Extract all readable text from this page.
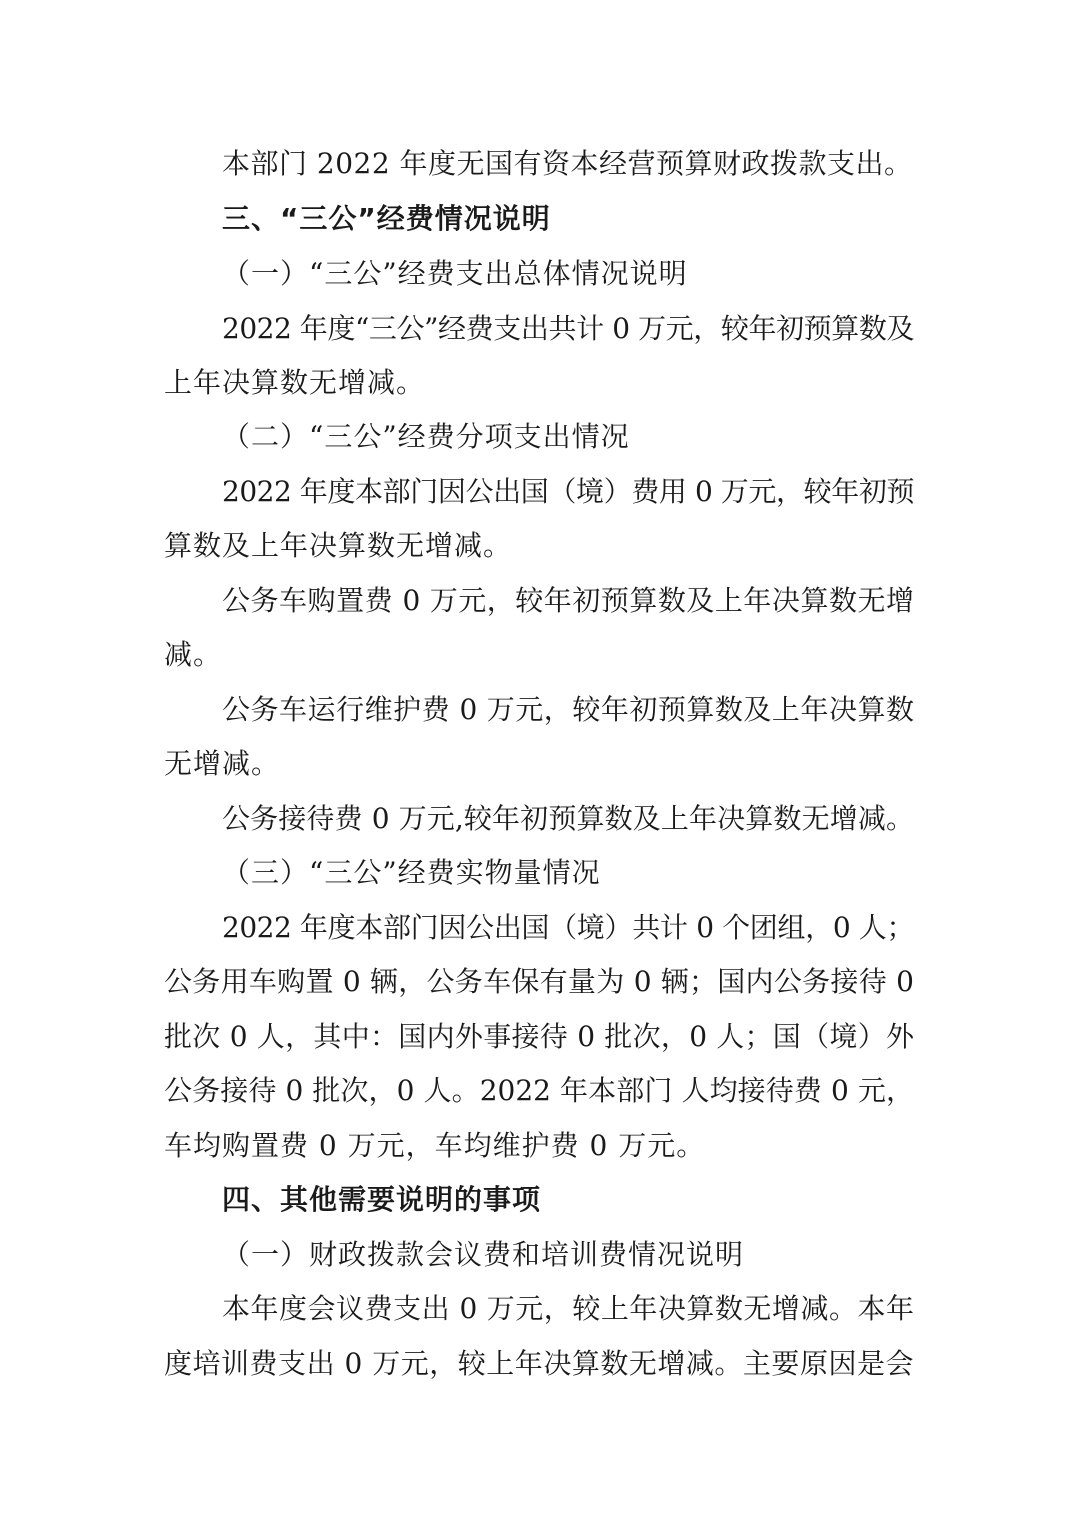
本部门 2022 年度无国有资本经营预算财政拨款支出。
三、“三公”经费情况说明
（一）“三公”经费支出总体情况说明
2022 年度“三公”经费支出共计 0 万元，较年初预算数及
上年决算数无增减。
（二）“三公”经费分项支出情况
2022 年度本部门因公出国（境）费用 0 万元，较年初预
算数及上年决算数无增减。
公务车购置费 0 万元，较年初预算数及上年决算数无增
减。
公务车运行维护费 0 万元，较年初预算数及上年决算数
无增减。
公务接待费 0 万元,较年初预算数及上年决算数无增减。
（三）“三公”经费实物量情况
2022 年度本部门因公出国（境）共计 0 个团组，0 人；
公务用车购置 0 辆，公务车保有量为 0 辆；国内公务接待 0
批次 0 人，其中：国内外事接待 0 批次，0 人；国（境）外
公务接待 0 批次，0 人。2022 年本部门 人均接待费 0 元，
车均购置费 0 万元，车均维护费 0 万元。
四、其他需要说明的事项
（一）财政拨款会议费和培训费情况说明
本年度会议费支出 0 万元，较上年决算数无增减。本年
度培训费支出 0 万元，较上年决算数无增减。主要原因是会
